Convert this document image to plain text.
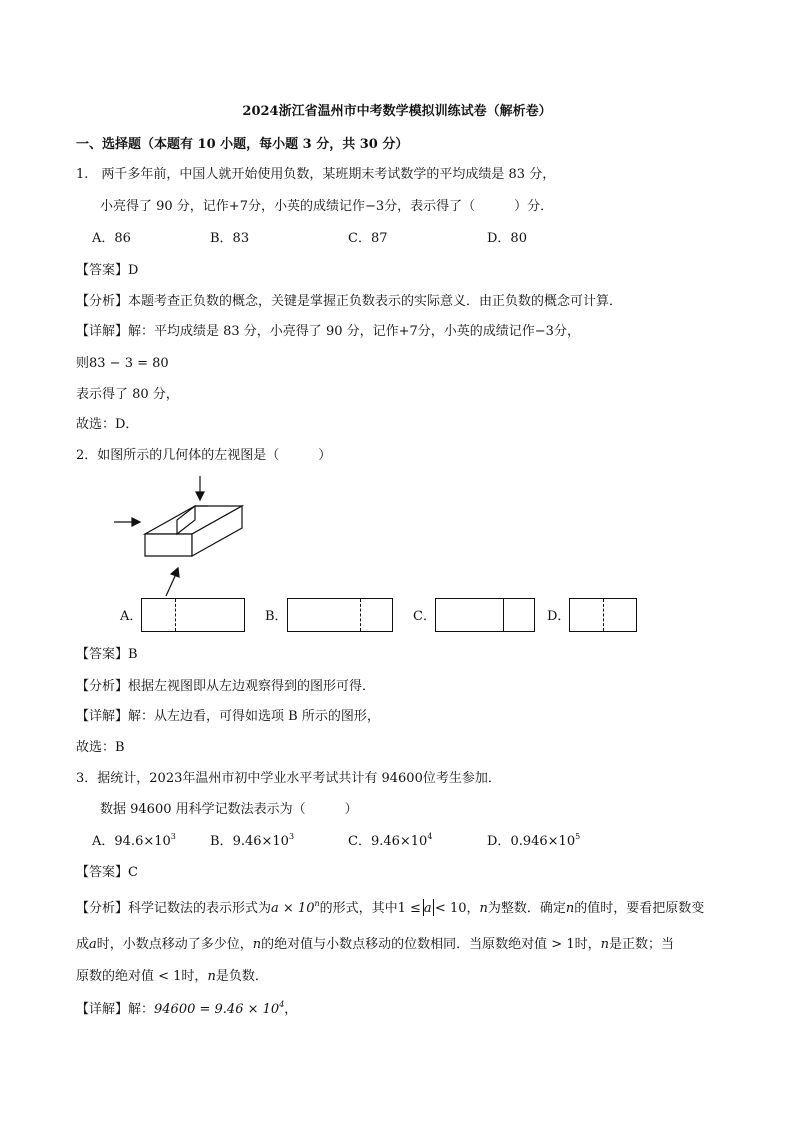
2024浙江省温州市中考数学模拟训练试卷（解析卷）
一、选择题（本题有 10 小题，每小题 3 分，共 30 分）
1.　两千多年前，中国人就开始使用负数，某班期末考试数学的平均成绩是 83 分，
小亮得了 90 分，记作+7分，小英的成绩记作−3分，表示得了（　　　）分．
A．86	B．83	C．87	D．80
【答案】D
【分析】本题考查正负数的概念，关键是掌握正负数表示的实际意义．由正负数的概念可计算．
【详解】解：平均成绩是 83 分，小亮得了 90 分，记作+7分，小英的成绩记作−3分，
则83 − 3 = 80
表示得了 80 分，
故选：D．
2．如图所示的几何体的左视图是（　　　）
A．	B．	C．	D．
【答案】B
【分析】根据左视图即从左边观察得到的图形可得．
【详解】解：从左边看，可得如选项 B 所示的图形，
故选：B
3．据统计，2023年温州市初中学业水平考试共计有 94600位考生参加．
数据 94600 用科学记数法表示为（　　　）
A．$94.6\times 10^3$	B．$9.46\times 10^3$	C．$9.46\times 10^4$	D．$0.946\times 10^5$
【答案】C
【分析】科学记数法的表示形式为$a \times 10^n$的形式，其中1 ≤ a < 10，n为整数．确定n的值时，要看把原数变
成a时，小数点移动了多少位，n的绝对值与小数点移动的位数相同．当原数绝对值 > 1时，n是正数；当
原数的绝对值 < 1时，n是负数．
【详解】解：$94600 = 9.46 \times 10^4$，
